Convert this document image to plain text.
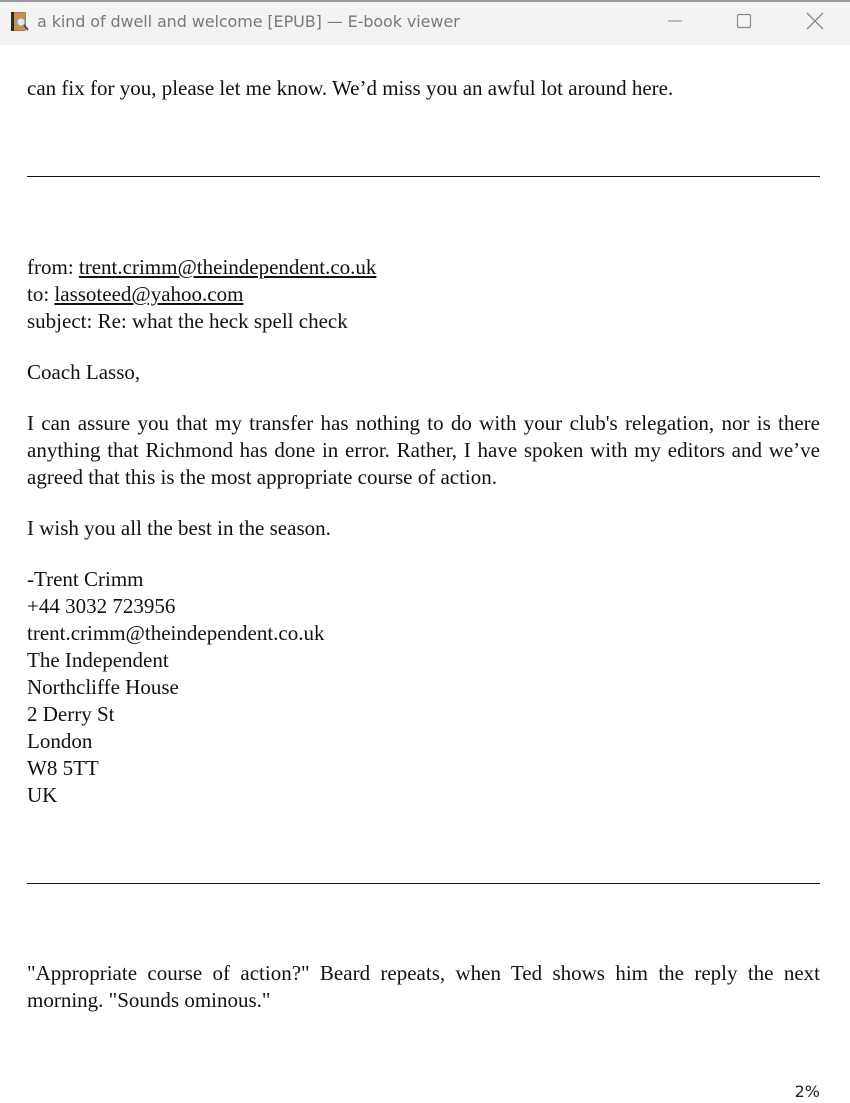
a kind of dwell and welcome [EPUB] — E-book viewer

can fix for you, please let me know. We’d miss you an awful lot around here.

from: trent.crimm@theindependent.co.uk
to: lassoteed@yahoo.com
subject: Re: what the heck spell check

Coach Lasso,

I can assure you that my transfer has nothing to do with your club's relegation, nor is there anything that Richmond has done in error. Rather, I have spoken with my editors and we’ve agreed that this is the most appropriate course of action.

I wish you all the best in the season.

-Trent Crimm
+44 3032 723956
trent.crimm@theindependent.co.uk
The Independent
Northcliffe House
2 Derry St
London
W8 5TT
UK

"Appropriate course of action?" Beard repeats, when Ted shows him the reply the next morning. "Sounds ominous."

2%
